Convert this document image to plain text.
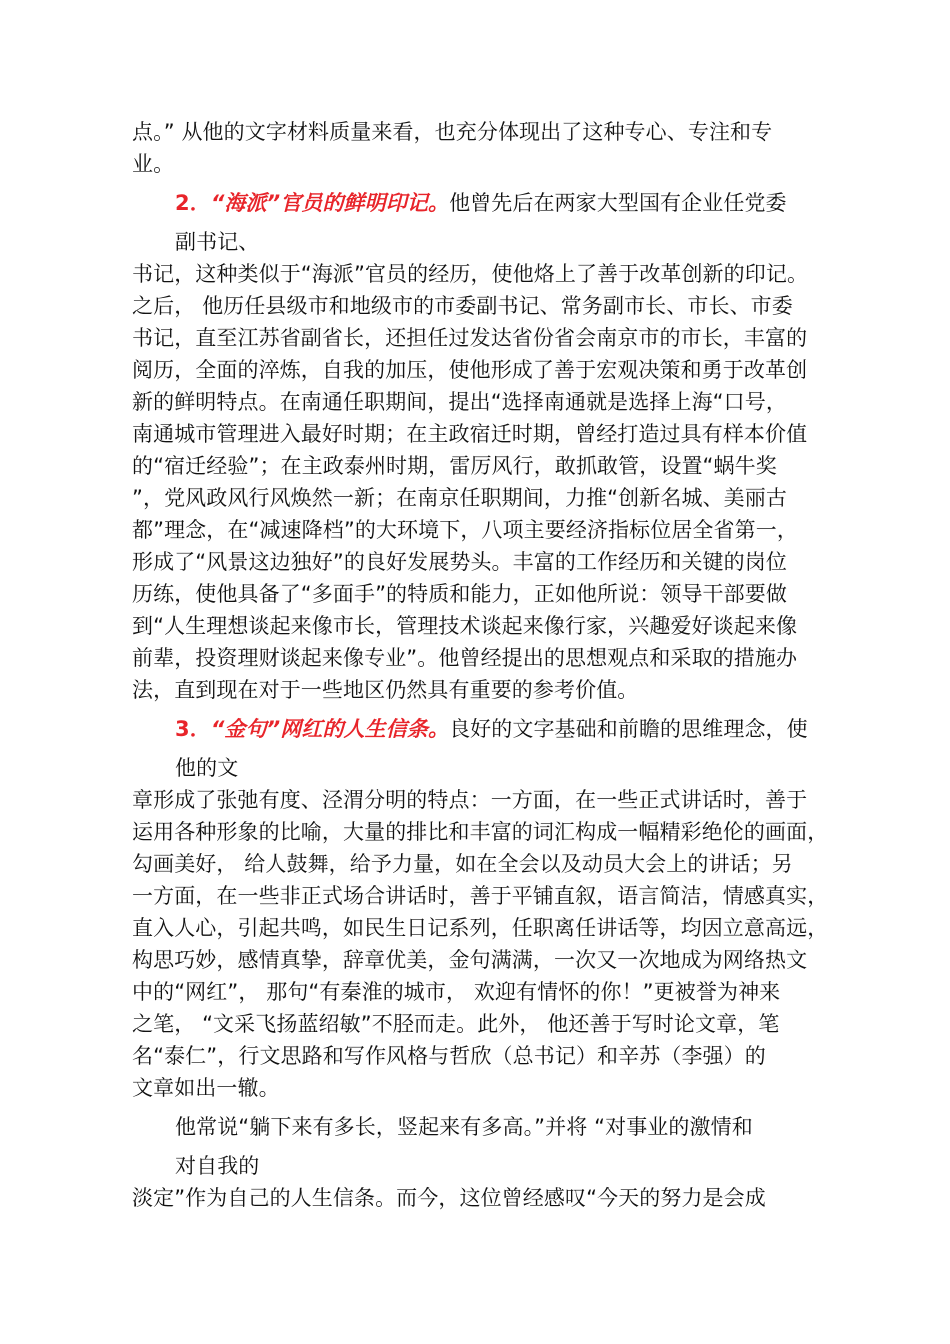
点。” 从他的文字材料质量来看，也充分体现出了这种专心、专注和专
业。
2．“海派”官员的鲜明印记。他曾先后在两家大型国有企业任党委
副书记、
书记，这种类似于“海派”官员的经历，使他烙上了善于改革创新的印记。
之后， 他历任县级市和地级市的市委副书记、常务副市长、市长、市委
书记，直至江苏省副省长，还担任过发达省份省会南京市的市长，丰富的
阅历，全面的淬炼，自我的加压，使他形成了善于宏观决策和勇于改革创
新的鲜明特点。在南通任职期间，提出“选择南通就是选择上海“口号，
南通城市管理进入最好时期；在主政宿迁时期，曾经打造过具有样本价值
的“宿迁经验”；在主政泰州时期，雷厉风行，敢抓敢管，设置“蜗牛奖
”，党风政风行风焕然一新；在南京任职期间，力推“创新名城、美丽古
都”理念，在“减速降档”的大环境下，八项主要经济指标位居全省第一，
形成了“风景这边独好”的良好发展势头。丰富的工作经历和关键的岗位
历练，使他具备了“多面手”的特质和能力，正如他所说：领导干部要做
到“人生理想谈起来像市长，管理技术谈起来像行家，兴趣爱好谈起来像
前辈，投资理财谈起来像专业”。他曾经提出的思想观点和采取的措施办
法，直到现在对于一些地区仍然具有重要的参考价值。
3．“金句”网红的人生信条。良好的文字基础和前瞻的思维理念，使
他的文
章形成了张弛有度、泾渭分明的特点：一方面，在一些正式讲话时，善于
运用各种形象的比喻，大量的排比和丰富的词汇构成一幅精彩绝伦的画面，
勾画美好， 给人鼓舞，给予力量，如在全会以及动员大会上的讲话；另
一方面，在一些非正式场合讲话时，善于平铺直叙，语言简洁，情感真实，
直入人心，引起共鸣，如民生日记系列，任职离任讲话等，均因立意高远，
构思巧妙，感情真挚，辞章优美，金句满满，一次又一次地成为网络热文
中的“网红”， 那句“有秦淮的城市， 欢迎有情怀的你！”更被誉为神来
之笔， “文采飞扬蓝绍敏”不胫而走。此外， 他还善于写时论文章，笔
名“泰仁”，行文思路和写作风格与哲欣（总书记）和辛苏（李强）的
文章如出一辙。
他常说“躺下来有多长，竖起来有多高。”并将 “对事业的激情和
对自我的
淡定”作为自己的人生信条。而今，这位曾经感叹“今天的努力是会成
